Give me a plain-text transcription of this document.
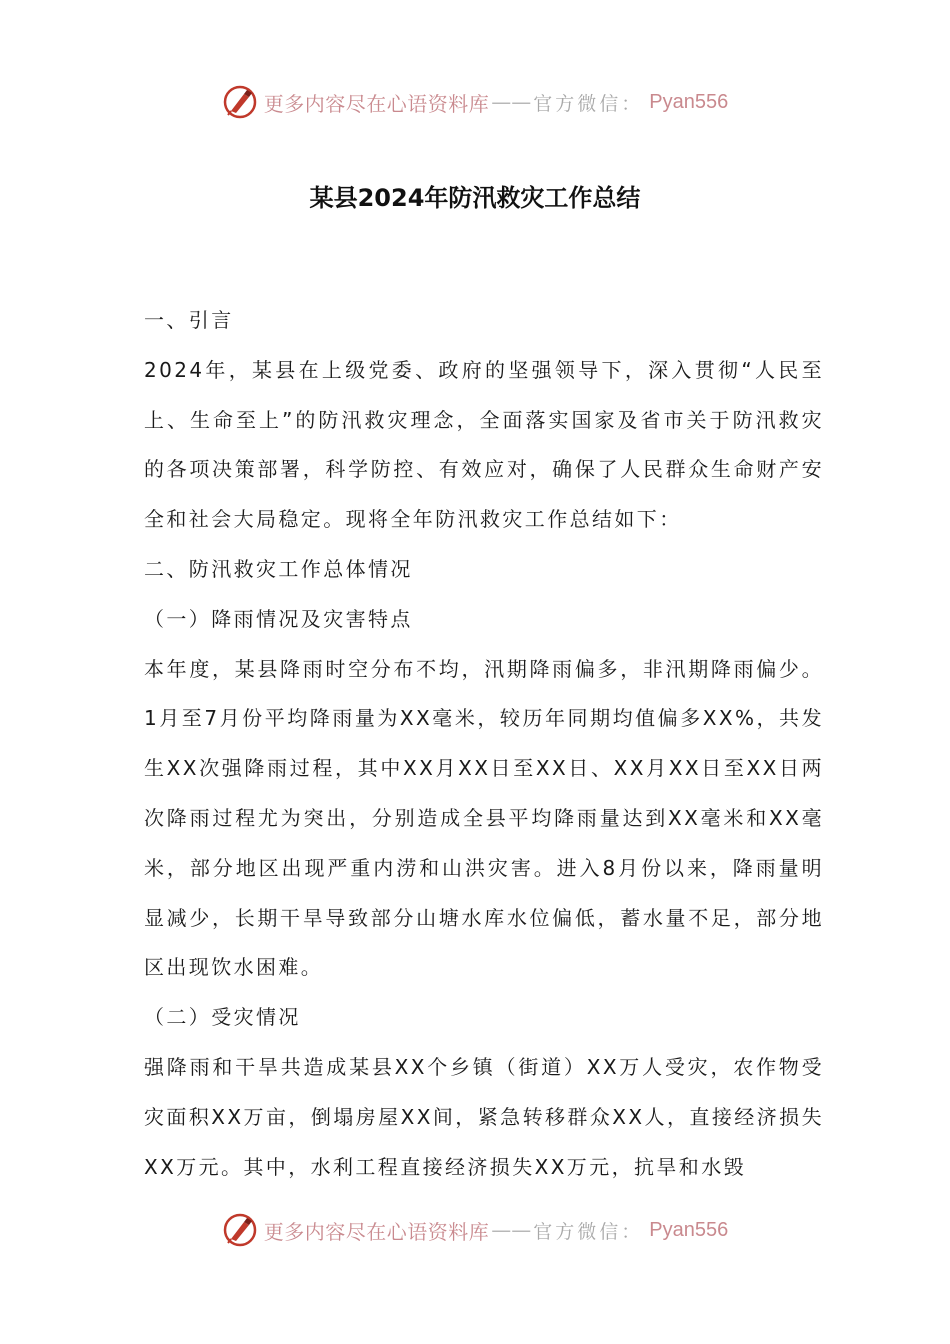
更多内容尽在心语资料库 —— 官方微信： Pyan556
某县2024年防汛救灾工作总结

一、引言

2024年，某县在上级党委、政府的坚强领导下，深入贯彻“人民至上、生命至上”的防汛救灾理念，全面落实国家及省市关于防汛救灾的各项决策部署，科学防控、有效应对，确保了人民群众生命财产安全和社会大局稳定。现将全年防汛救灾工作总结如下：

二、防汛救灾工作总体情况

（一）降雨情况及灾害特点

本年度，某县降雨时空分布不均，汛期降雨偏多，非汛期降雨偏少。1月至7月份平均降雨量为XX毫米，较历年同期均值偏多XX%，共发生XX次强降雨过程，其中XX月XX日至XX日、XX月XX日至XX日两次降雨过程尤为突出，分别造成全县平均降雨量达到XX毫米和XX毫米，部分地区出现严重内涝和山洪灾害。进入8月份以来，降雨量明显减少，长期干旱导致部分山塘水库水位偏低，蓄水量不足，部分地区出现饮水困难。

（二）受灾情况

强降雨和干旱共造成某县XX个乡镇（街道）XX万人受灾，农作物受灾面积XX万亩，倒塌房屋XX间，紧急转移群众XX人，直接经济损失XX万元。其中，水利工程直接经济损失XX万元，抗旱和水毁

更多内容尽在心语资料库 —— 官方微信： Pyan556
